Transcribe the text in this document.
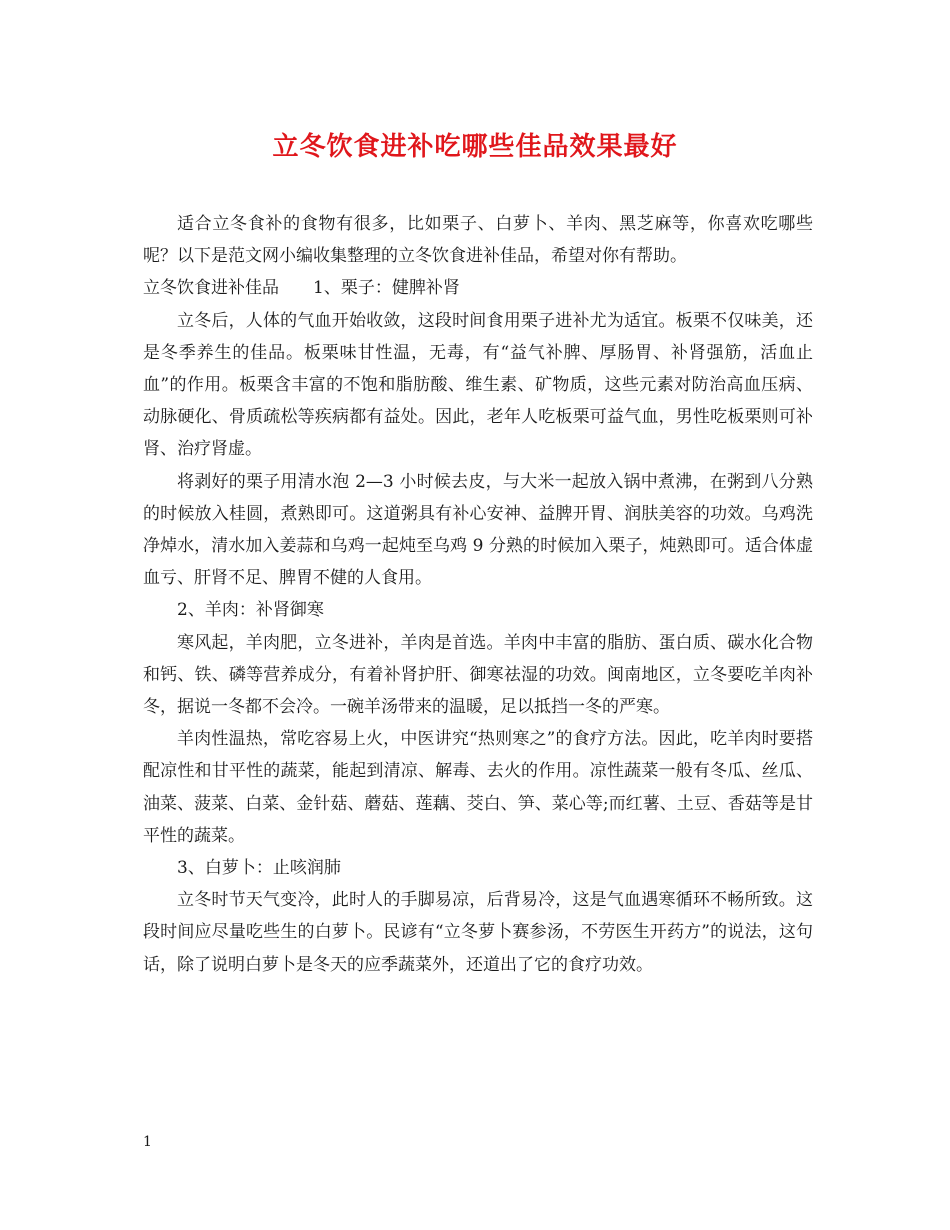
立冬饮食进补吃哪些佳品效果最好

适合立冬食补的食物有很多，比如栗子、白萝卜、羊肉、黑芝麻等，你喜欢吃哪些呢？以下是范文网小编收集整理的立冬饮食进补佳品，希望对你有帮助。

立冬饮食进补佳品　　1、栗子：健脾补肾

立冬后，人体的气血开始收敛，这段时间食用栗子进补尤为适宜。板栗不仅味美，还是冬季养生的佳品。板栗味甘性温，无毒，有“益气补脾、厚肠胃、补肾强筋，活血止血”的作用。板栗含丰富的不饱和脂肪酸、维生素、矿物质，这些元素对防治高血压病、动脉硬化、骨质疏松等疾病都有益处。因此，老年人吃板栗可益气血，男性吃板栗则可补肾、治疗肾虚。

将剥好的栗子用清水泡 2—3 小时候去皮，与大米一起放入锅中煮沸，在粥到八分熟的时候放入桂圆，煮熟即可。这道粥具有补心安神、益脾开胃、润肤美容的功效。乌鸡洗净焯水，清水加入姜蒜和乌鸡一起炖至乌鸡 9 分熟的时候加入栗子，炖熟即可。适合体虚血亏、肝肾不足、脾胃不健的人食用。

2、羊肉：补肾御寒

寒风起，羊肉肥，立冬进补，羊肉是首选。羊肉中丰富的脂肪、蛋白质、碳水化合物和钙、铁、磷等营养成分，有着补肾护肝、御寒祛湿的功效。闽南地区，立冬要吃羊肉补冬，据说一冬都不会冷。一碗羊汤带来的温暖，足以抵挡一冬的严寒。

羊肉性温热，常吃容易上火，中医讲究“热则寒之”的食疗方法。因此，吃羊肉时要搭配凉性和甘平性的蔬菜，能起到清凉、解毒、去火的作用。凉性蔬菜一般有冬瓜、丝瓜、油菜、菠菜、白菜、金针菇、蘑菇、莲藕、茭白、笋、菜心等;而红薯、土豆、香菇等是甘平性的蔬菜。

3、白萝卜：止咳润肺

立冬时节天气变冷，此时人的手脚易凉，后背易冷，这是气血遇寒循环不畅所致。这段时间应尽量吃些生的白萝卜。民谚有“立冬萝卜赛参汤，不劳医生开药方”的说法，这句话，除了说明白萝卜是冬天的应季蔬菜外，还道出了它的食疗功效。

1
